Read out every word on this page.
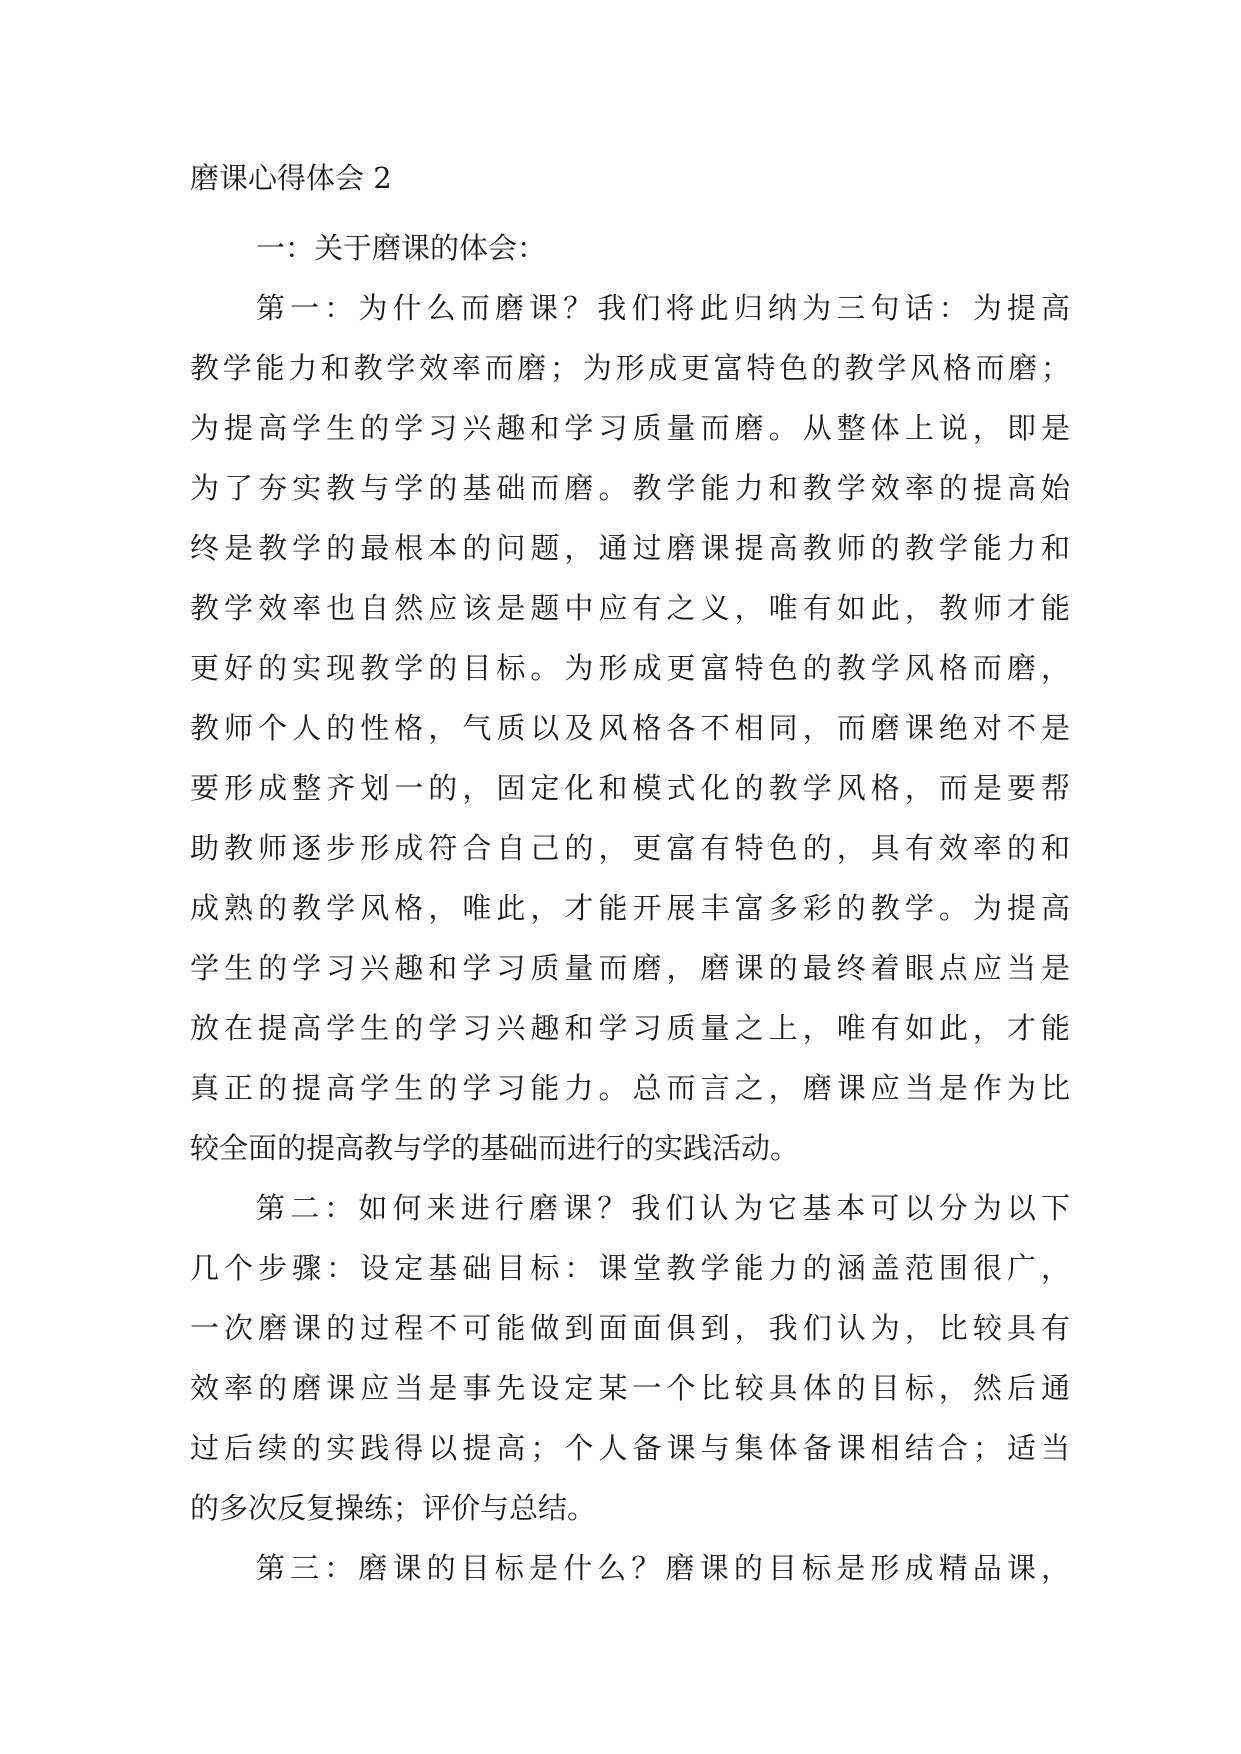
磨课心得体会 2

一：关于磨课的体会：

第一：为什么而磨课？我们将此归纳为三句话：为提高
教学能力和教学效率而磨；为形成更富特色的教学风格而磨；
为提高学生的学习兴趣和学习质量而磨。从整体上说，即是
为了夯实教与学的基础而磨。教学能力和教学效率的提高始
终是教学的最根本的问题，通过磨课提高教师的教学能力和
教学效率也自然应该是题中应有之义，唯有如此，教师才能
更好的实现教学的目标。为形成更富特色的教学风格而磨，
教师个人的性格，气质以及风格各不相同，而磨课绝对不是
要形成整齐划一的，固定化和模式化的教学风格，而是要帮
助教师逐步形成符合自己的，更富有特色的，具有效率的和
成熟的教学风格，唯此，才能开展丰富多彩的教学。为提高
学生的学习兴趣和学习质量而磨，磨课的最终着眼点应当是
放在提高学生的学习兴趣和学习质量之上，唯有如此，才能
真正的提高学生的学习能力。总而言之，磨课应当是作为比
较全面的提高教与学的基础而进行的实践活动。

第二：如何来进行磨课？我们认为它基本可以分为以下
几个步骤：设定基础目标：课堂教学能力的涵盖范围很广，
一次磨课的过程不可能做到面面俱到，我们认为，比较具有
效率的磨课应当是事先设定某一个比较具体的目标，然后通
过后续的实践得以提高；个人备课与集体备课相结合；适当
的多次反复操练；评价与总结。

第三：磨课的目标是什么？磨课的目标是形成精品课，
